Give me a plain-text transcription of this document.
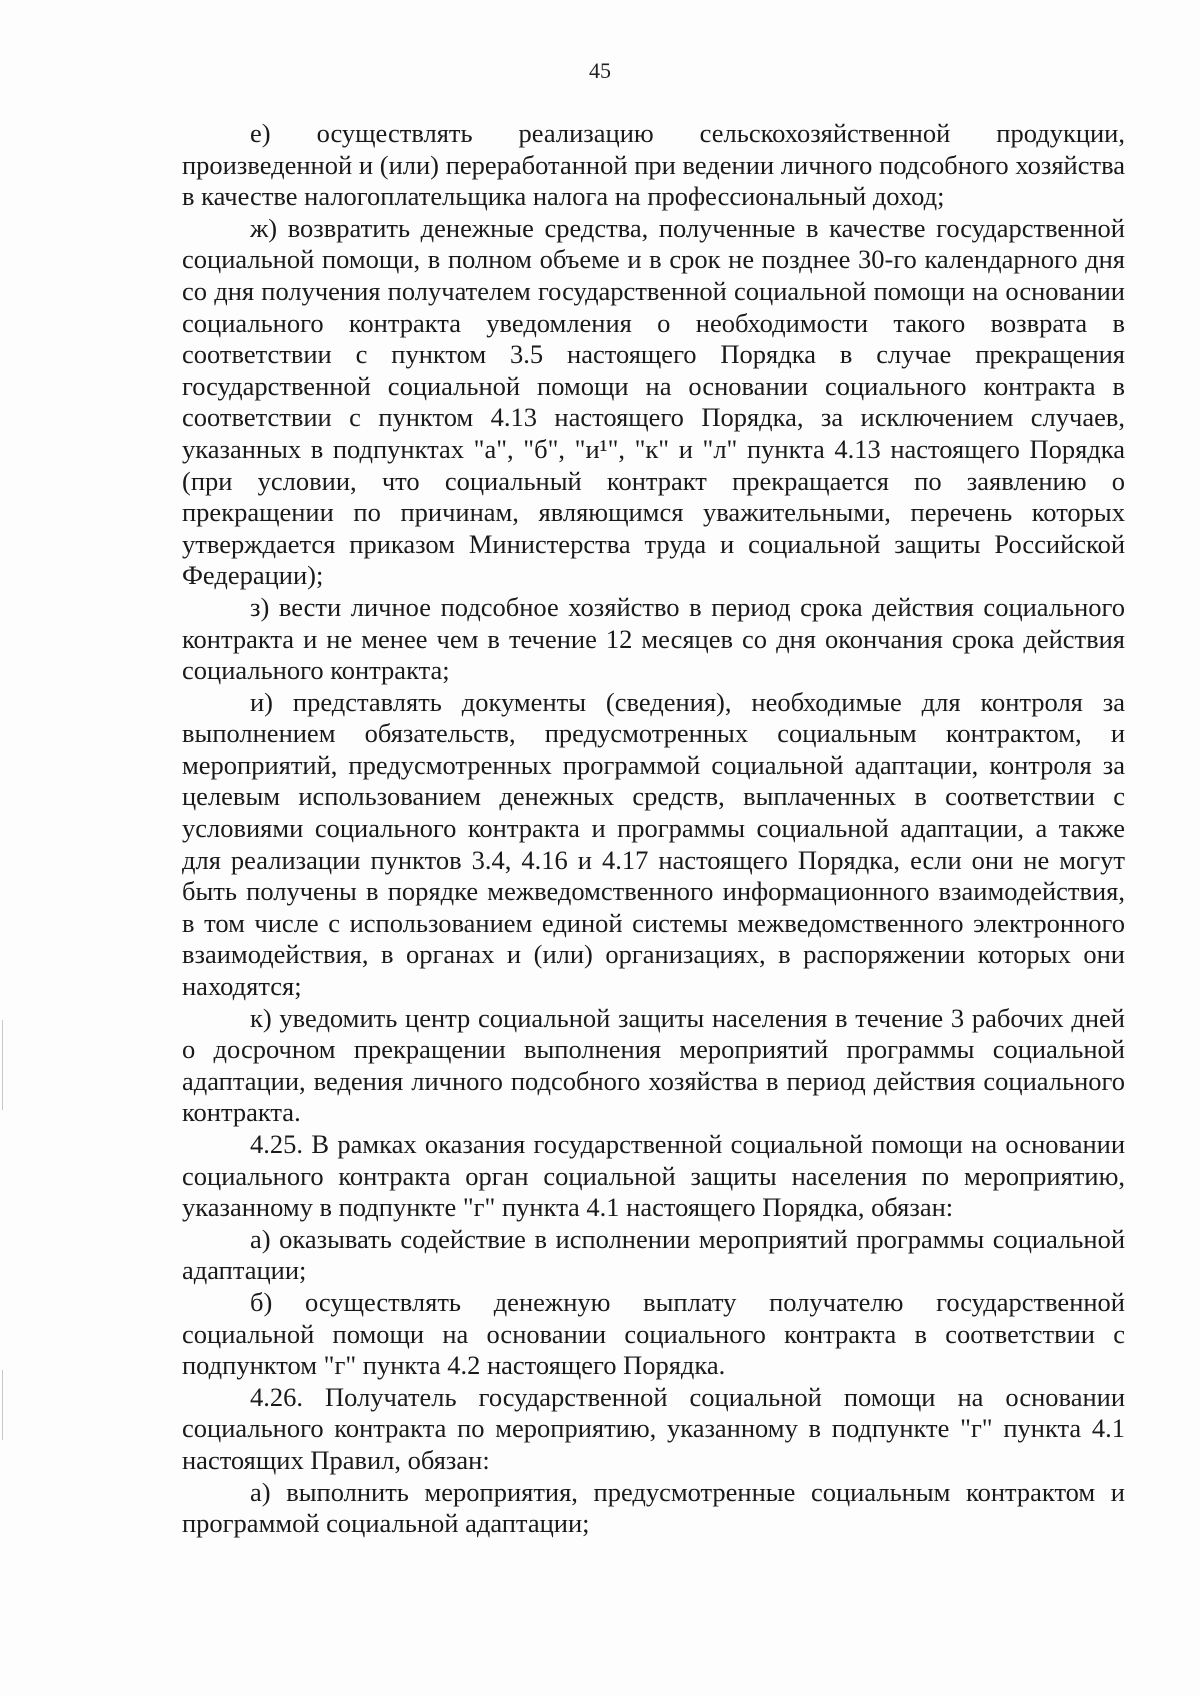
45

е) осуществлять реализацию сельскохозяйственной продукции, произведенной и (или) переработанной при ведении личного подсобного хозяйства в качестве налогоплательщика налога на профессиональный доход;

ж) возвратить денежные средства, полученные в качестве государственной социальной помощи, в полном объеме и в срок не позднее 30-го календарного дня со дня получения получателем государственной социальной помощи на основании социального контракта уведомления о необходимости такого возврата в соответствии с пунктом 3.5 настоящего Порядка в случае прекращения государственной социальной помощи на основании социального контракта в соответствии с пунктом 4.13 настоящего Порядка, за исключением случаев, указанных в подпунктах "а", "б", "и¹", "к" и "л" пункта 4.13 настоящего Порядка (при условии, что социальный контракт прекращается по заявлению о прекращении по причинам, являющимся уважительными, перечень которых утверждается приказом Министерства труда и социальной защиты Российской Федерации);

з) вести личное подсобное хозяйство в период срока действия социального контракта и не менее чем в течение 12 месяцев со дня окончания срока действия социального контракта;

и) представлять документы (сведения), необходимые для контроля за выполнением обязательств, предусмотренных социальным контрактом, и мероприятий, предусмотренных программой социальной адаптации, контроля за целевым использованием денежных средств, выплаченных в соответствии с условиями социального контракта и программы социальной адаптации, а также для реализации пунктов 3.4, 4.16 и 4.17 настоящего Порядка, если они не могут быть получены в порядке межведомственного информационного взаимодействия, в том числе с использованием единой системы межведомственного электронного взаимодействия, в органах и (или) организациях, в распоряжении которых они находятся;

к) уведомить центр социальной защиты населения в течение 3 рабочих дней о досрочном прекращении выполнения мероприятий программы социальной адаптации, ведения личного подсобного хозяйства в период действия социального контракта.

4.25. В рамках оказания государственной социальной помощи на основании социального контракта орган социальной защиты населения по мероприятию, указанному в подпункте "г" пункта 4.1 настоящего Порядка, обязан:

а) оказывать содействие в исполнении мероприятий программы социальной адаптации;

б) осуществлять денежную выплату получателю государственной социальной помощи на основании социального контракта в соответствии с подпунктом "г" пункта 4.2 настоящего Порядка.

4.26. Получатель государственной социальной помощи на основании социального контракта по мероприятию, указанному в подпункте "г" пункта 4.1 настоящих Правил, обязан:

а) выполнить мероприятия, предусмотренные социальным контрактом и программой социальной адаптации;
